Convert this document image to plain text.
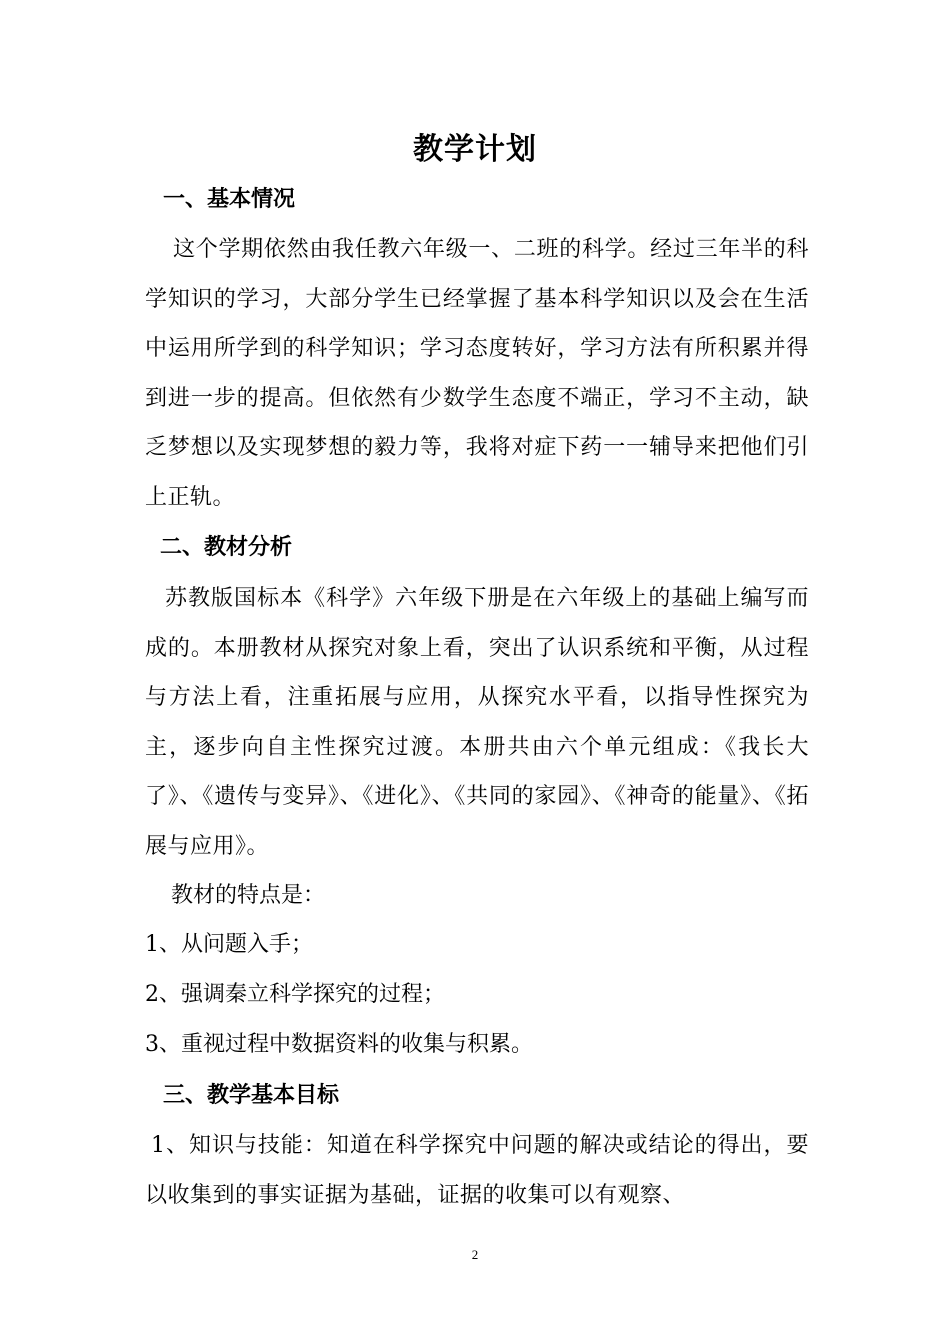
教学计划
一、基本情况
这个学期依然由我任教六年级一、二班的科学。经过三年半的科学知识的学习，大部分学生已经掌握了基本科学知识以及会在生活中运用所学到的科学知识；学习态度转好，学习方法有所积累并得到进一步的提高。但依然有少数学生态度不端正，学习不主动，缺乏梦想以及实现梦想的毅力等，我将对症下药一一辅导来把他们引上正轨。
二、教材分析
苏教版国标本《科学》六年级下册是在六年级上的基础上编写而成的。本册教材从探究对象上看，突出了认识系统和平衡，从过程与方法上看，注重拓展与应用，从探究水平看，以指导性探究为主，逐步向自主性探究过渡。本册共由六个单元组成：《我长大了》、《遗传与变异》、《进化》、《共同的家园》、《神奇的能量》、《拓展与应用》。
教材的特点是：
1、从问题入手；
2、强调秦立科学探究的过程；
3、重视过程中数据资料的收集与积累。
三、教学基本目标
1、知识与技能：知道在科学探究中问题的解决或结论的得出，要以收集到的事实证据为基础，证据的收集可以有观察、
2
